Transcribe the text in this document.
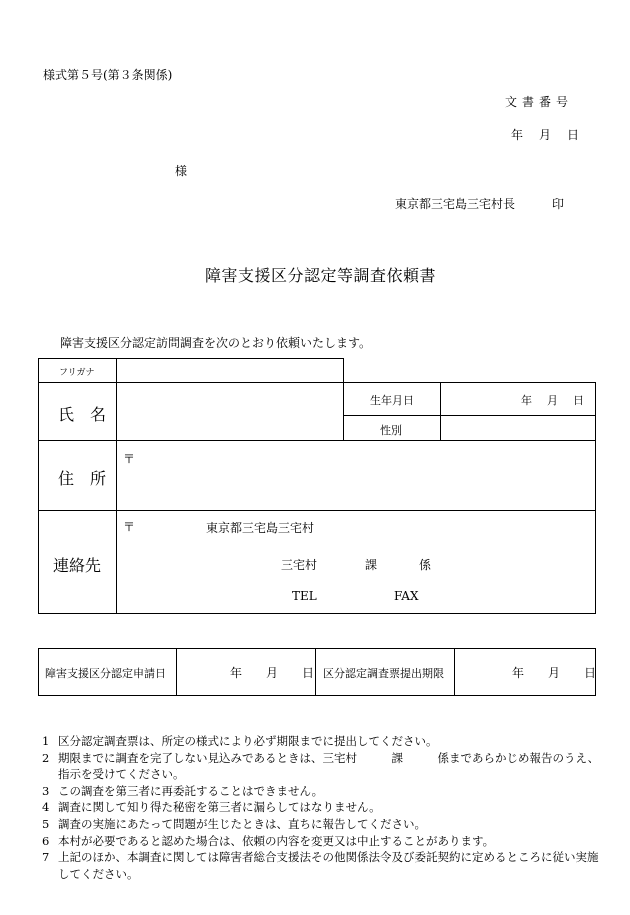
様式第５号(第３条関係)
文書番号
年　月　日
様
東京都三宅島三宅村長	印
障害支援区分認定等調査依頼書
障害支援区分認定訪問調査を次のとおり依頼いたします。
フリガナ
氏　名
生年月日	年　月　日
性別
住　所
〒
連絡先
〒	東京都三宅島三宅村
三宅村	課	係
TEL	FAX
障害支援区分認定申請日	年　　月　　日 区分認定調査票提出期限	年　　月　　日
1 区分認定調査票は、所定の様式により必ず期限までに提出してください。
2 期限までに調査を完了しない見込みであるときは、三宅村　　　課　　　係まであらかじめ報告のうえ、指示を受けてください。
3 この調査を第三者に再委託することはできません。
4 調査に関して知り得た秘密を第三者に漏らしてはなりません。
5 調査の実施にあたって問題が生じたときは、直ちに報告してください。
6 本村が必要であると認めた場合は、依頼の内容を変更又は中止することがあります。
7 上記のほか、本調査に関しては障害者総合支援法その他関係法令及び委託契約に定めるところに従い実施してください。
